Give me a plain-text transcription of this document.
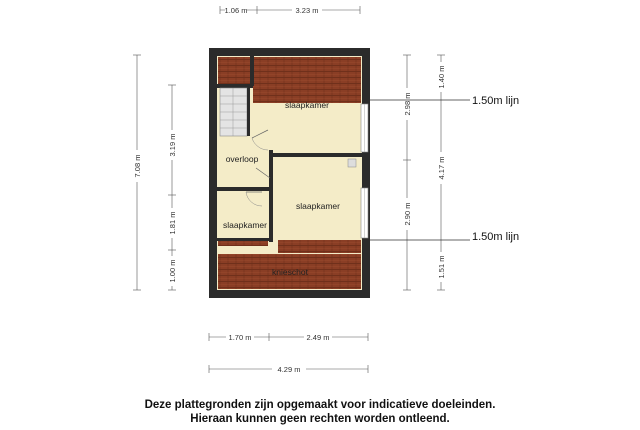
1.06 m	3.23 m
7.08 m
3.19 m
1.81 m
1.00 m
2.98 m
2.90 m
1.40 m
4.17 m
1.51 m
1.50m lijn
1.50m lijn
slaapkamer
overloop
slaapkamer
slaapkamer
knieschot
1.70 m	2.49 m
4.29 m
Deze plattegronden zijn opgemaakt voor indicatieve doeleinden.
Hieraan kunnen geen rechten worden ontleend.
